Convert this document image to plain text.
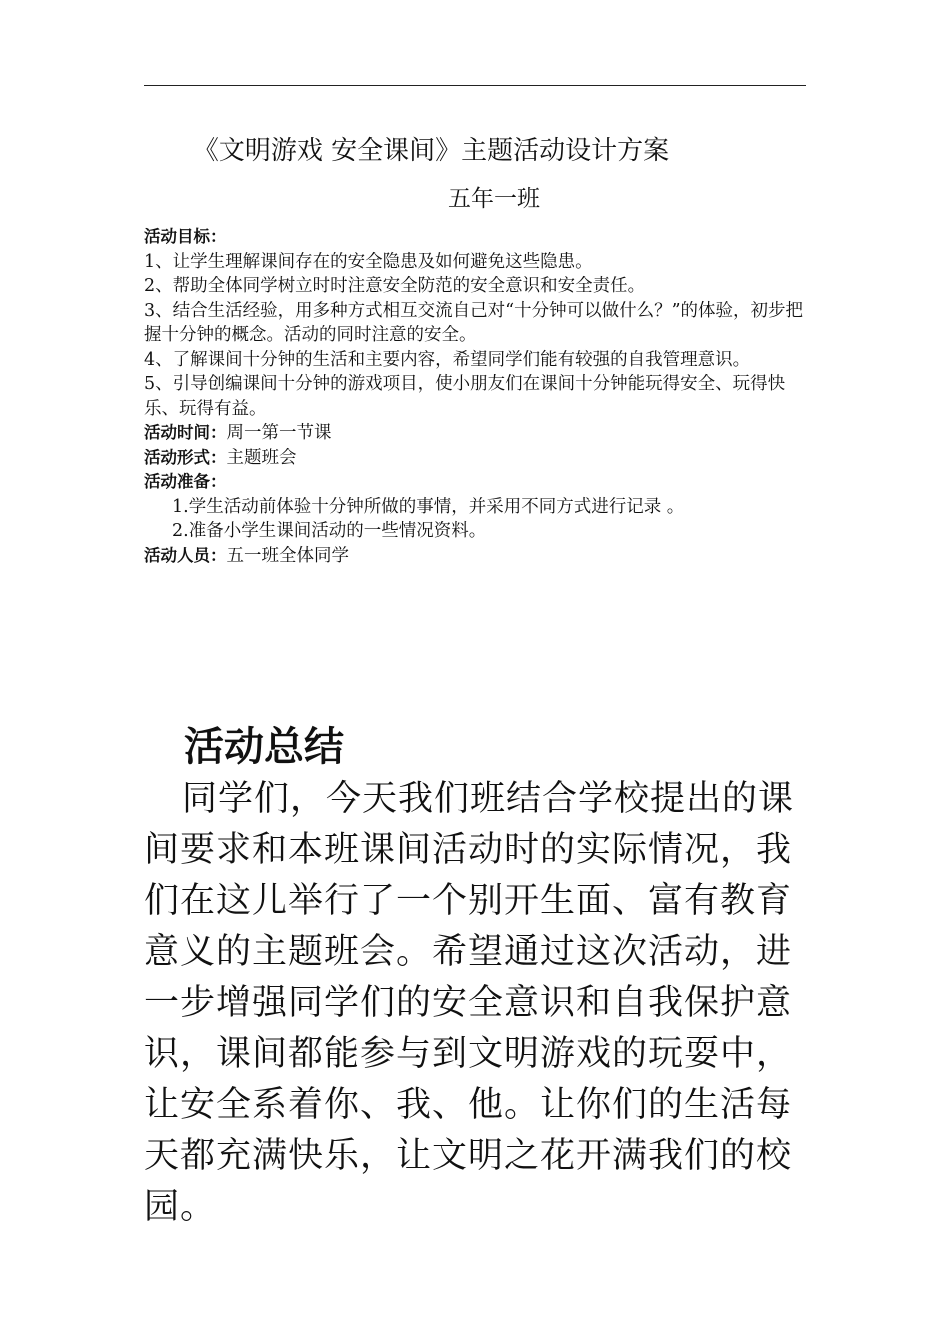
《文明游戏 安全课间》主题活动设计方案
五年一班

活动目标：

1、让学生理解课间存在的安全隐患及如何避免这些隐患。

2、帮助全体同学树立时时注意安全防范的安全意识和安全责任。

3、结合生活经验，用多种方式相互交流自己对“十分钟可以做什么？”的体验，初步把握十分钟的概念。活动的同时注意的安全。

4、了解课间十分钟的生活和主要内容，希望同学们能有较强的自我管理意识。

5、引导创编课间十分钟的游戏项目，使小朋友们在课间十分钟能玩得安全、玩得快乐、玩得有益。

活动时间：周一第一节课

活动形式：主题班会

活动准备：

1.学生活动前体验十分钟所做的事情，并采用不同方式进行记录 。

2.准备小学生课间活动的一些情况资料。

活动人员：五一班全体同学

活动总结

同学们，今天我们班结合学校提出的课间要求和本班课间活动时的实际情况，我们在这儿举行了一个别开生面、富有教育意义的主题班会。希望通过这次活动，进一步增强同学们的安全意识和自我保护意识，课间都能参与到文明游戏的玩耍中，让安全系着你、我、他。让你们的生活每天都充满快乐，让文明之花开满我们的校园。
